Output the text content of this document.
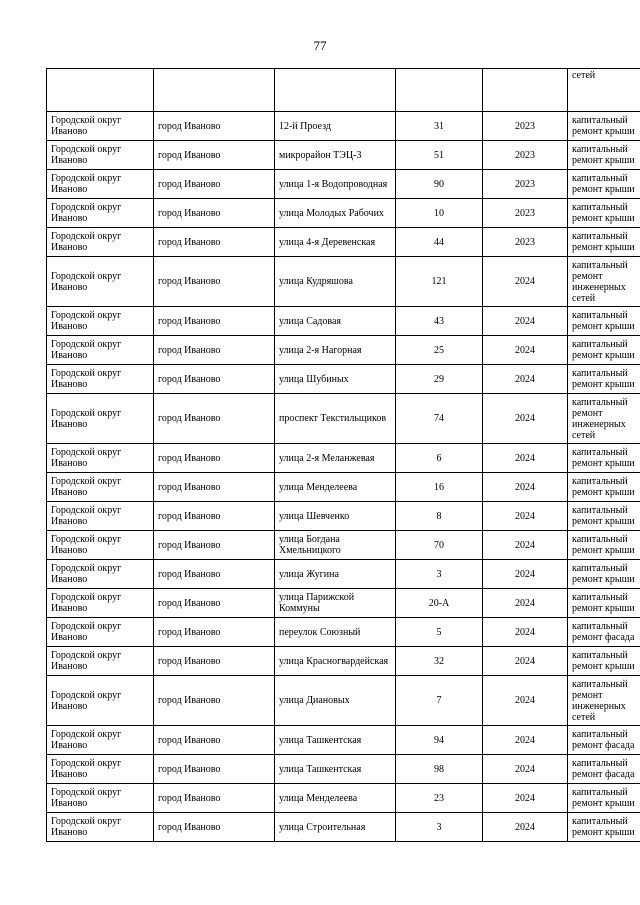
77
					сетей
Городской округ Иваново	город Иваново	12-й Проезд	31	2023	капитальный ремонт крыши
Городской округ Иваново	город Иваново	микрорайон ТЭЦ-3	51	2023	капитальный ремонт крыши
Городской округ Иваново	город Иваново	улица 1-я Водопроводная	90	2023	капитальный ремонт крыши
Городской округ Иваново	город Иваново	улица Молодых Рабочих	10	2023	капитальный ремонт крыши
Городской округ Иваново	город Иваново	улица 4-я Деревенская	44	2023	капитальный ремонт крыши
Городской округ Иваново	город Иваново	улица Кудряшова	121	2024	капитальный ремонт инженерных сетей
Городской округ Иваново	город Иваново	улица Садовая	43	2024	капитальный ремонт крыши
Городской округ Иваново	город Иваново	улица 2-я Нагорная	25	2024	капитальный ремонт крыши
Городской округ Иваново	город Иваново	улица Шубиных	29	2024	капитальный ремонт крыши
Городской округ Иваново	город Иваново	проспект Текстильщиков	74	2024	капитальный ремонт инженерных сетей
Городской округ Иваново	город Иваново	улица 2-я Меланжевая	6	2024	капитальный ремонт крыши
Городской округ Иваново	город Иваново	улица Менделеева	16	2024	капитальный ремонт крыши
Городской округ Иваново	город Иваново	улица Шевченко	8	2024	капитальный ремонт крыши
Городской округ Иваново	город Иваново	улица Богдана Хмельницкого	70	2024	капитальный ремонт крыши
Городской округ Иваново	город Иваново	улица Жугина	3	2024	капитальный ремонт крыши
Городской округ Иваново	город Иваново	улица Парижской Коммуны	20-А	2024	капитальный ремонт крыши
Городской округ Иваново	город Иваново	переулок Союзный	5	2024	капитальный ремонт фасада
Городской округ Иваново	город Иваново	улица Красногвардейская	32	2024	капитальный ремонт крыши
Городской округ Иваново	город Иваново	улица Диановых	7	2024	капитальный ремонт инженерных сетей
Городской округ Иваново	город Иваново	улица Ташкентская	94	2024	капитальный ремонт фасада
Городской округ Иваново	город Иваново	улица Ташкентская	98	2024	капитальный ремонт фасада
Городской округ Иваново	город Иваново	улица Менделеева	23	2024	капитальный ремонт крыши
Городской округ Иваново	город Иваново	улица Строительная	3	2024	капитальный ремонт крыши
